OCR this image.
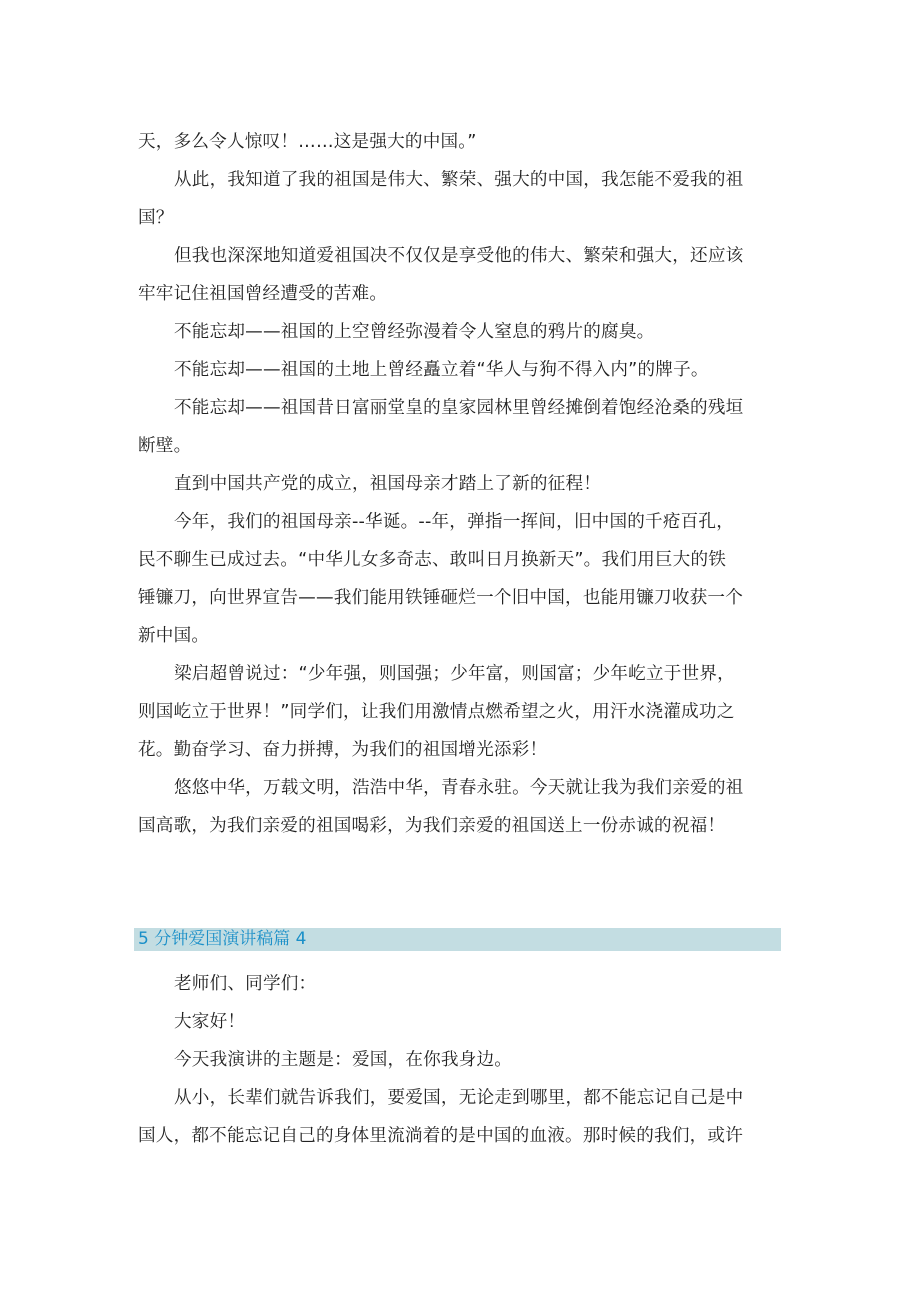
天，多么令人惊叹！……这是强大的中国。”
从此，我知道了我的祖国是伟大、繁荣、强大的中国，我怎能不爱我的祖
国？
但我也深深地知道爱祖国决不仅仅是享受他的伟大、繁荣和强大，还应该
牢牢记住祖国曾经遭受的苦难。
不能忘却——祖国的上空曾经弥漫着令人窒息的鸦片的腐臭。
不能忘却——祖国的土地上曾经矗立着“华人与狗不得入内”的牌子。
不能忘却——祖国昔日富丽堂皇的皇家园林里曾经摊倒着饱经沧桑的残垣
断壁。
直到中国共产党的成立，祖国母亲才踏上了新的征程！
今年，我们的祖国母亲--华诞。--年，弹指一挥间，旧中国的千疮百孔，
民不聊生已成过去。“中华儿女多奇志、敢叫日月换新天”。我们用巨大的铁
锤镰刀，向世界宣告——我们能用铁锤砸烂一个旧中国，也能用镰刀收获一个
新中国。
梁启超曾说过：“少年强，则国强；少年富，则国富；少年屹立于世界，
则国屹立于世界！”同学们，让我们用激情点燃希望之火，用汗水浇灌成功之
花。勤奋学习、奋力拼搏，为我们的祖国增光添彩！
悠悠中华，万载文明，浩浩中华，青春永驻。今天就让我为我们亲爱的祖
国高歌，为我们亲爱的祖国喝彩，为我们亲爱的祖国送上一份赤诚的祝福！
5 分钟爱国演讲稿篇 4
老师们、同学们：
大家好！
今天我演讲的主题是：爱国，在你我身边。
从小，长辈们就告诉我们，要爱国，无论走到哪里，都不能忘记自己是中
国人，都不能忘记自己的身体里流淌着的是中国的血液。那时候的我们，或许
